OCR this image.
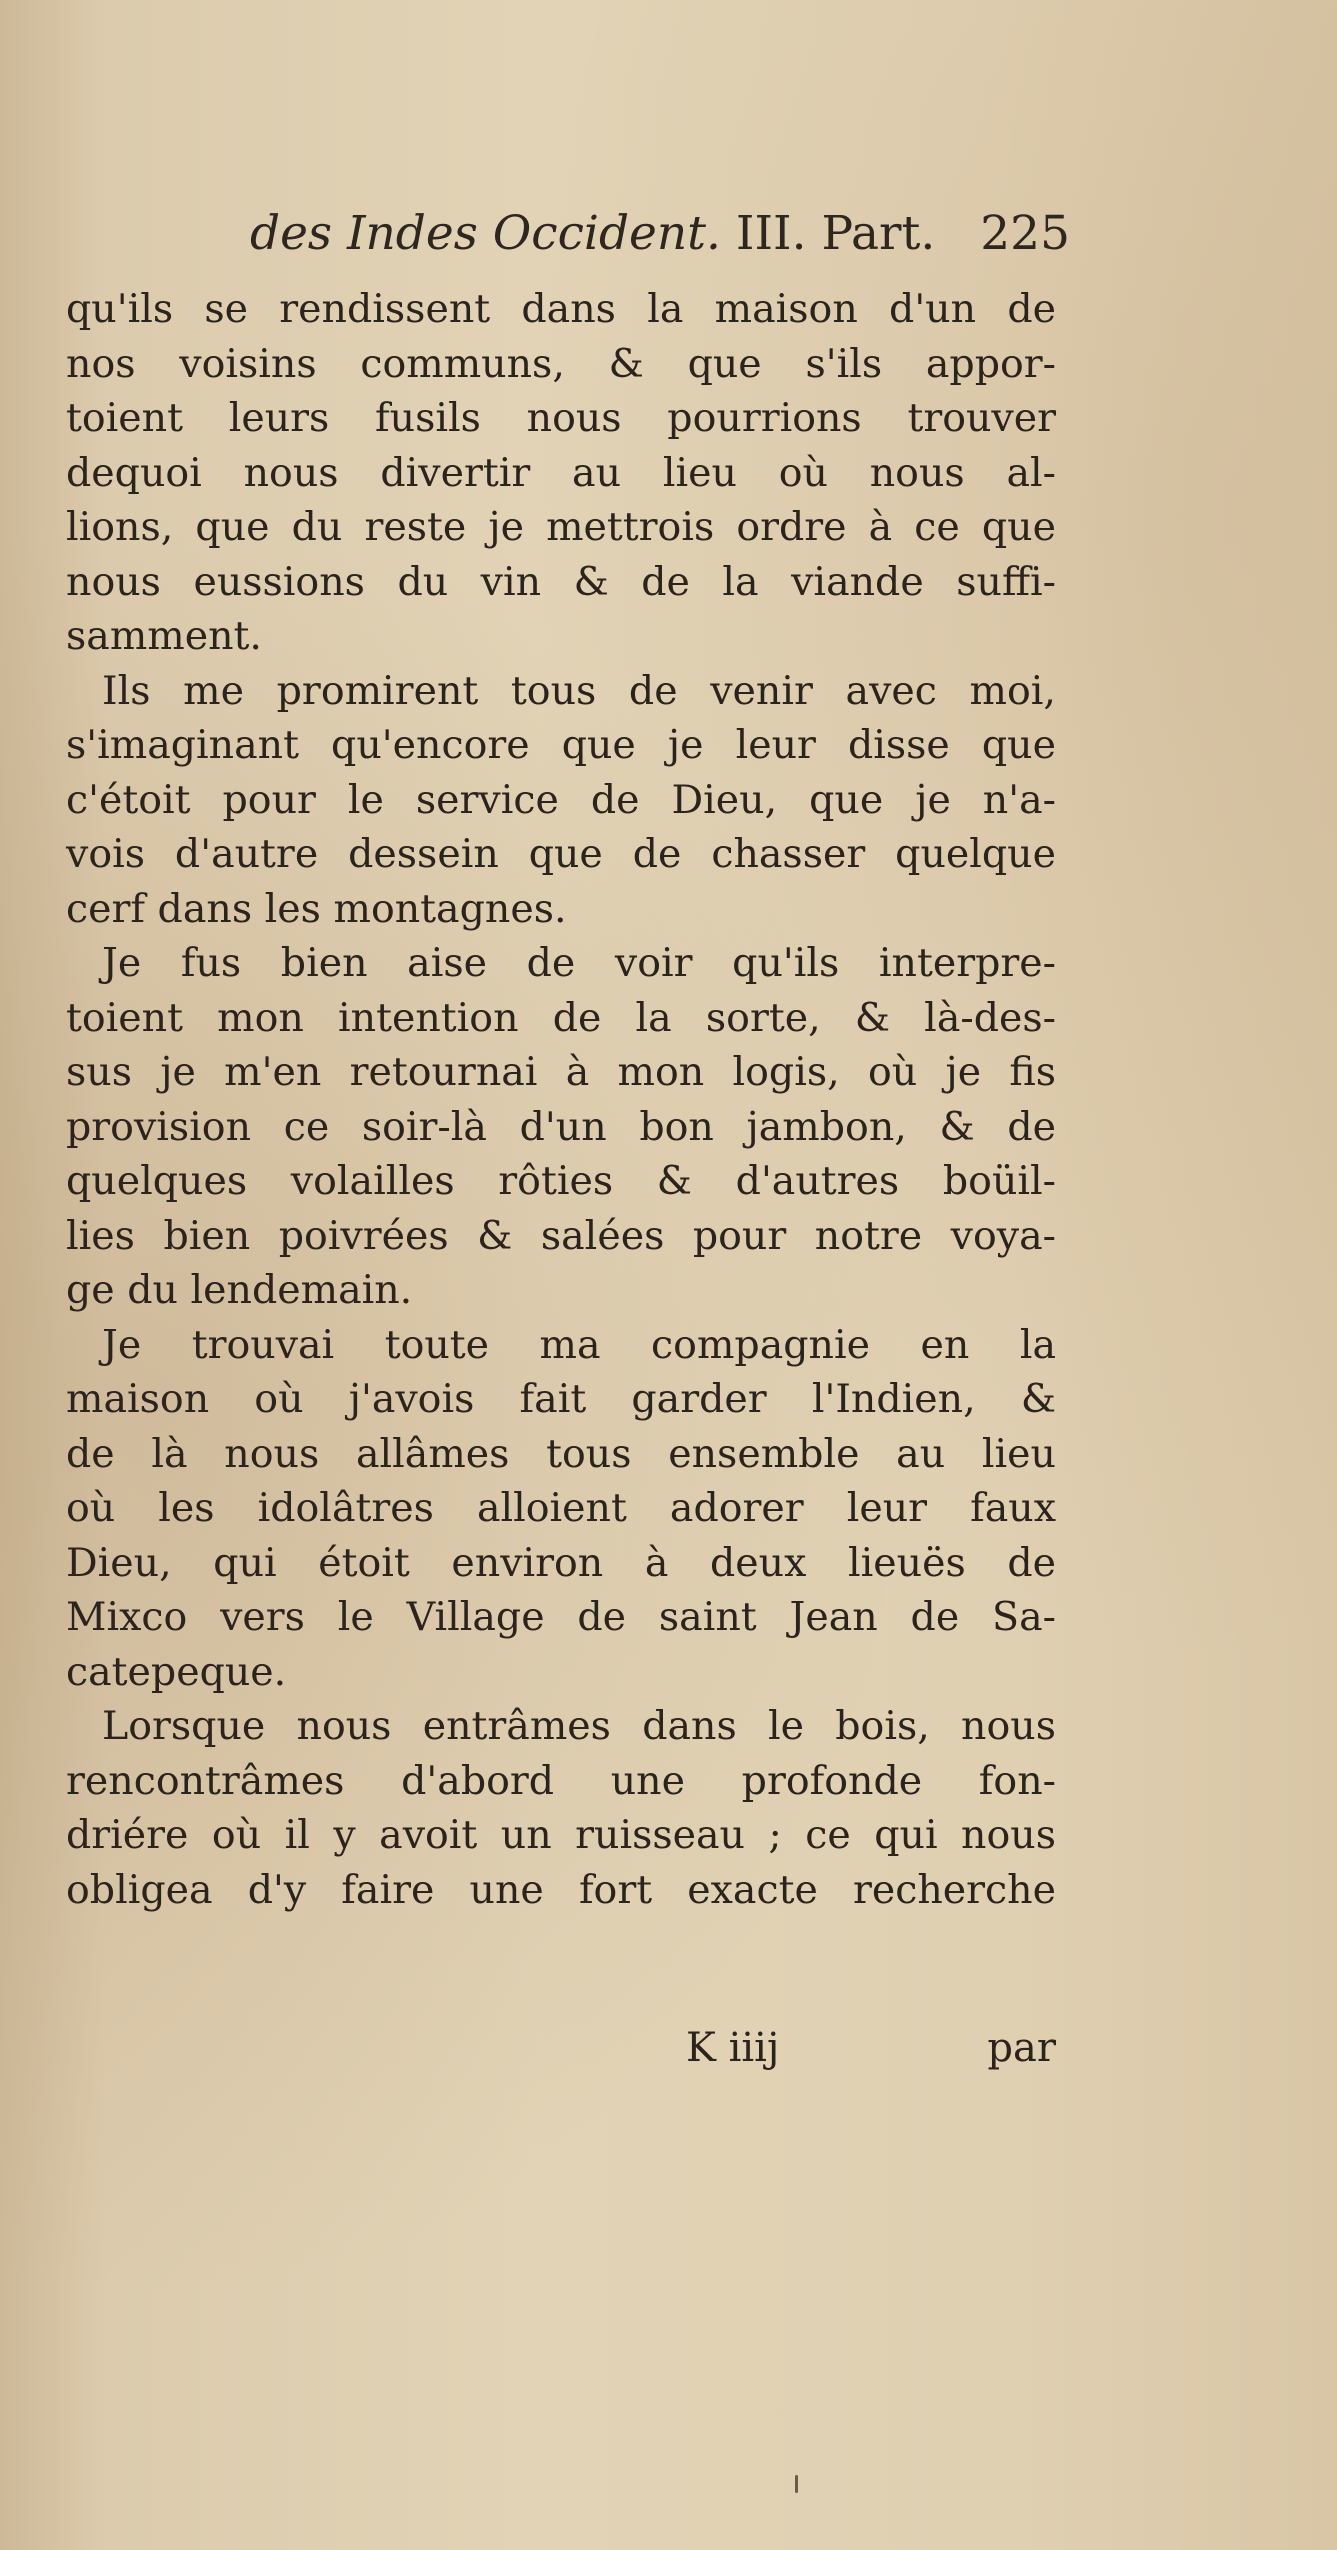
des Indes Occident. III. Part. 225
qu'ils se rendissent dans la maison d'un de
nos voisins communs, & que s'ils appor-
toient leurs fusils nous pourrions trouver
dequoi nous divertir au lieu où nous al-
lions, que du reste je mettrois ordre à ce que
nous eussions du vin & de la viande suffi-
samment.
Ils me promirent tous de venir avec moi,
s'imaginant qu'encore que je leur disse que
c'étoit pour le service de Dieu, que je n'a-
vois d'autre dessein que de chasser quelque
cerf dans les montagnes.
Je fus bien aise de voir qu'ils interpre-
toient mon intention de la sorte, & là-des-
sus je m'en retournai à mon logis, où je fis
provision ce soir-là d'un bon jambon, & de
quelques volailles rôties & d'autres boüil-
lies bien poivrées & salées pour notre voya-
ge du lendemain.
Je trouvai toute ma compagnie en la
maison où j'avois fait garder l'Indien, &
de là nous allâmes tous ensemble au lieu
où les idolâtres alloient adorer leur faux
Dieu, qui étoit environ à deux lieuës de
Mixco vers le Village de saint Jean de Sa-
catepeque.
Lorsque nous entrâmes dans le bois, nous
rencontrâmes d'abord une profonde fon-
driére où il y avoit un ruisseau ; ce qui nous
obligea d'y faire une fort exacte recherche
K iiij	par
